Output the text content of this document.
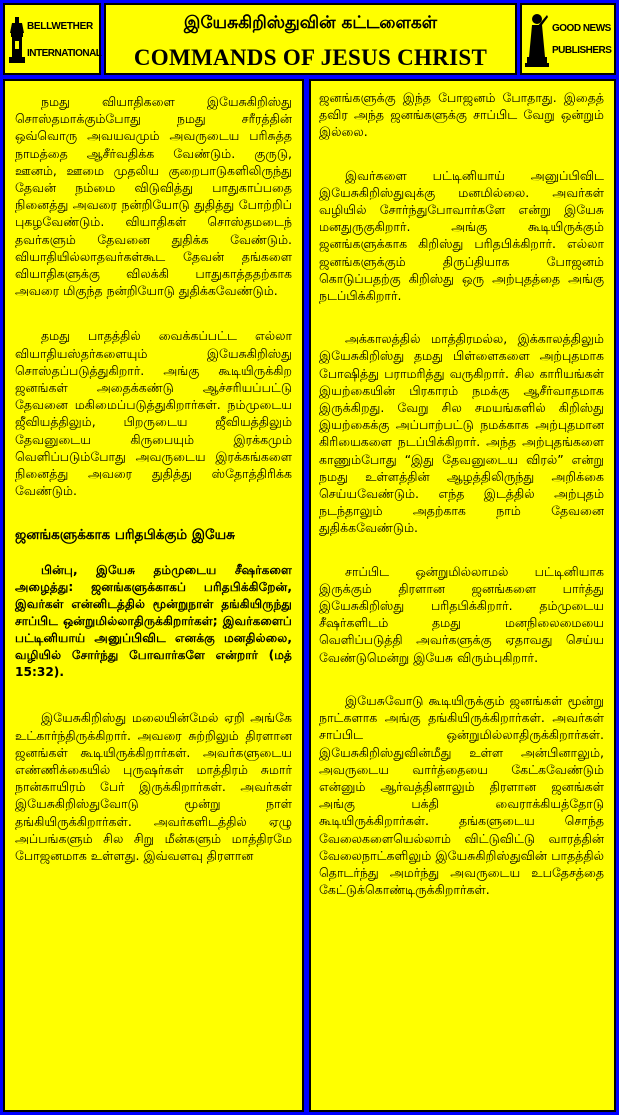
BELLWETHER
INTERNATIONAL
இயேசுகிறிஸ்துவின் கட்டளைகள்
COMMANDS OF JESUS CHRIST
GOOD NEWS
PUBLISHERS

நமது வியாதிகளை இயேசுகிறிஸ்து சொஸ்தமாக்கும்போது நமது சரீரத்தின் ஒவ்வொரு அவயவமும் அவருடைய பரிசுத்த நாமத்தை ஆசீர்வதிக்க வேண்டும். குருடு, ஊனம், ஊமை முதலிய குறைபாடுகளிலிருந்து தேவன் நம்மை விடுவித்து பாதுகாப்பதை நினைத்து அவரை நன்றியோடு துதித்து போற்றிப் புகழவேண்டும். வியாதிகள் சொஸ்தமடைந் தவர்களும் தேவனை துதிக்க வேண்டும். வியாதியில்லாதவர்கள்கூட தேவன் தங்களை வியாதிகளுக்கு விலக்கி பாதுகாத்ததற்காக அவரை மிகுந்த நன்றியோடு துதிக்கவேண்டும்.

தமது பாதத்தில் வைக்கப்பட்ட எல்லா வியாதியஸ்தர்களையும் இயேசுகிறிஸ்து சொஸ்தப்படுத்துகிறார். அங்கு கூடியிருக்கிற ஜனங்கள் அதைக்கண்டு ஆச்சரியப்பட்டு தேவனை மகிமைப்படுத்துகிறார்கள். நம்முடைய ஜீவியத்திலும், பிறருடைய ஜீவியத்திலும் தேவனுடைய கிருபையும் இரக்கமும் வெளிப்படும்போது அவருடைய இரக்கங்களை நினைத்து அவரை துதித்து ஸ்தோத்திரிக்க வேண்டும்.

ஜனங்களுக்காக பரிதபிக்கும் இயேசு

பின்பு, இயேசு தம்முடைய சீஷர்களை அழைத்து: ஜனங்களுக்காகப் பரிதபிக்கிறேன், இவர்கள் என்னிடத்தில் மூன்றுநாள் தங்கியிருந்து சாப்பிட ஒன்றுமில்லாதிருக்கிறார்கள்; இவர்களைப் பட்டினியாய் அனுப்பிவிட எனக்கு மனதில்லை, வழியில் சோர்ந்து போவார்களே என்றார் (மத் 15:32).

இயேசுகிறிஸ்து மலையின்மேல் ஏறி அங்கே உட்கார்ந்திருக்கிறார். அவரை சுற்றிலும் திரளான ஜனங்கள் கூடியிருக்கிறார்கள். அவர்களுடைய எண்ணிக்கையில் புருஷர்கள் மாத்திரம் சுமார் நான்காயிரம் பேர் இருக்கிறார்கள். அவர்கள் இயேசுகிறிஸ்துவோடு மூன்று நாள் தங்கியிருக்கிறார்கள். அவர்களிடத்தில் ஏழு அப்பங்களும் சில சிறு மீன்களும் மாத்திரமே போஜனமாக உள்ளது. இவ்வளவு திரளான

ஜனங்களுக்கு இந்த போஜனம் போதாது. இதைத் தவிர அந்த ஜனங்களுக்கு சாப்பிட வேறு ஒன்றும் இல்லை.

இவர்களை பட்டினியாய் அனுப்பிவிட இயேசுகிறிஸ்துவுக்கு மனமில்லை. அவர்கள் வழியில் சோர்ந்துபோவார்களே என்று இயேசு மனதுருகுகிறார். அங்கு கூடியிருக்கும் ஜனங்களுக்காக கிறிஸ்து பரிதபிக்கிறார். எல்லா ஜனங்களுக்கும் திருப்தியாக போஜனம் கொடுப்பதற்கு கிறிஸ்து ஒரு அற்புதத்தை அங்கு நடப்பிக்கிறார்.

அக்காலத்தில் மாத்திரமல்ல, இக்காலத்திலும் இயேசுகிறிஸ்து தமது பிள்ளைகளை அற்புதமாக போஷித்து பராமரித்து வருகிறார். சில காரியங்கள் இயற்கையின் பிரகாரம் நமக்கு ஆசீர்வாதமாக இருக்கிறது. வேறு சில சமயங்களில் கிறிஸ்து இயற்கைக்கு அப்பாற்பட்டு நமக்காக அற்புதமான கிரியைகளை நடப்பிக்கிறார். அந்த அற்புதங்களை காணும்போது “இது தேவனுடைய விரல்” என்று நமது உள்ளத்தின் ஆழத்திலிருந்து அறிக்கை செய்யவேண்டும். எந்த இடத்தில் அற்புதம் நடந்தாலும் அதற்காக நாம் தேவனை துதிக்கவேண்டும்.

சாப்பிட ஒன்றுமில்லாமல் பட்டினியாக இருக்கும் திரளான ஜனங்களை பார்த்து இயேசுகிறிஸ்து பரிதபிக்கிறார். தம்முடைய சீஷர்களிடம் தமது மனநிலைமையை வெளிப்படுத்தி அவர்களுக்கு ஏதாவது செய்ய வேண்டுமென்று இயேசு விரும்புகிறார்.

இயேசுவோடு கூடியிருக்கும் ஜனங்கள் மூன்று நாட்களாக அங்கு தங்கியிருக்கிறார்கள். அவர்கள் சாப்பிட ஒன்றுமில்லாதிருக்கிறார்கள். இயேசுகிறிஸ்துவின்மீது உள்ள அன்பினாலும், அவருடைய வார்த்தையை கேட்கவேண்டும் என்னும் ஆர்வத்தினாலும் திரளான ஜனங்கள் அங்கு பக்தி வைராக்கியத்தோடு கூடியிருக்கிறார்கள். தங்களுடைய சொந்த வேலைகளையெல்லாம் விட்டுவிட்டு வாரத்தின் வேலைநாட்களிலும் இயேசுகிறிஸ்துவின் பாதத்தில் தொடர்ந்து அமர்ந்து அவருடைய உபதேசத்தை கேட்டுக்கொண்டிருக்கிறார்கள்.
